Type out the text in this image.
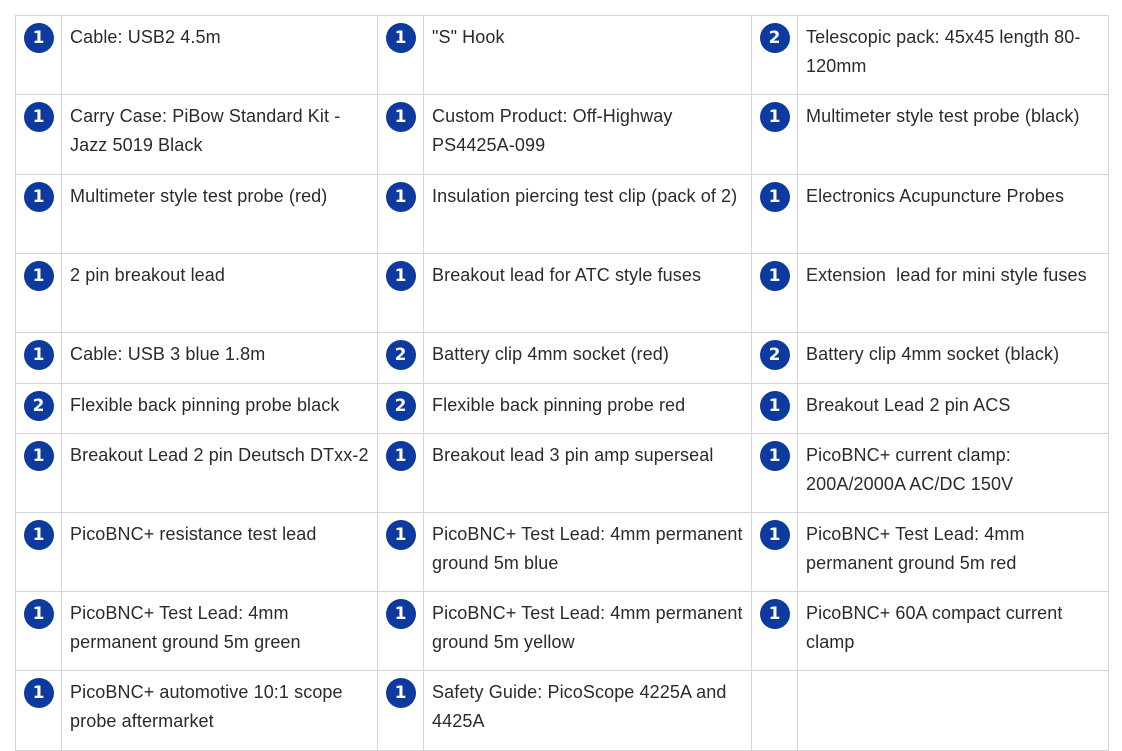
1	Cable: USB2 4.5m	1	"S" Hook	2	Telescopic pack: 45x45 length 80-120mm
1	Carry Case: PiBow Standard Kit - Jazz 5019 Black	1	Custom Product: Off-Highway PS4425A-099	1	Multimeter style test probe (black)
1	Multimeter style test probe (red)	1	Insulation piercing test clip (pack of 2)	1	Electronics Acupuncture Probes
1	2 pin breakout lead	1	Breakout lead for ATC style fuses	1	Extension  lead for mini style fuses
1	Cable: USB 3 blue 1.8m	2	Battery clip 4mm socket (red)	2	Battery clip 4mm socket (black)
2	Flexible back pinning probe black	2	Flexible back pinning probe red	1	Breakout Lead 2 pin ACS
1	Breakout Lead 2 pin Deutsch DTxx-2	1	Breakout lead 3 pin amp superseal	1	PicoBNC+ current clamp: 200A/2000A AC/DC 150V
1	PicoBNC+ resistance test lead	1	PicoBNC+ Test Lead: 4mm permanent ground 5m blue	1	PicoBNC+ Test Lead: 4mm permanent ground 5m red
1	PicoBNC+ Test Lead: 4mm permanent ground 5m green	1	PicoBNC+ Test Lead: 4mm permanent ground 5m yellow	1	PicoBNC+ 60A compact current clamp
1	PicoBNC+ automotive 10:1 scope probe aftermarket	1	Safety Guide: PicoScope 4225A and 4425A		
